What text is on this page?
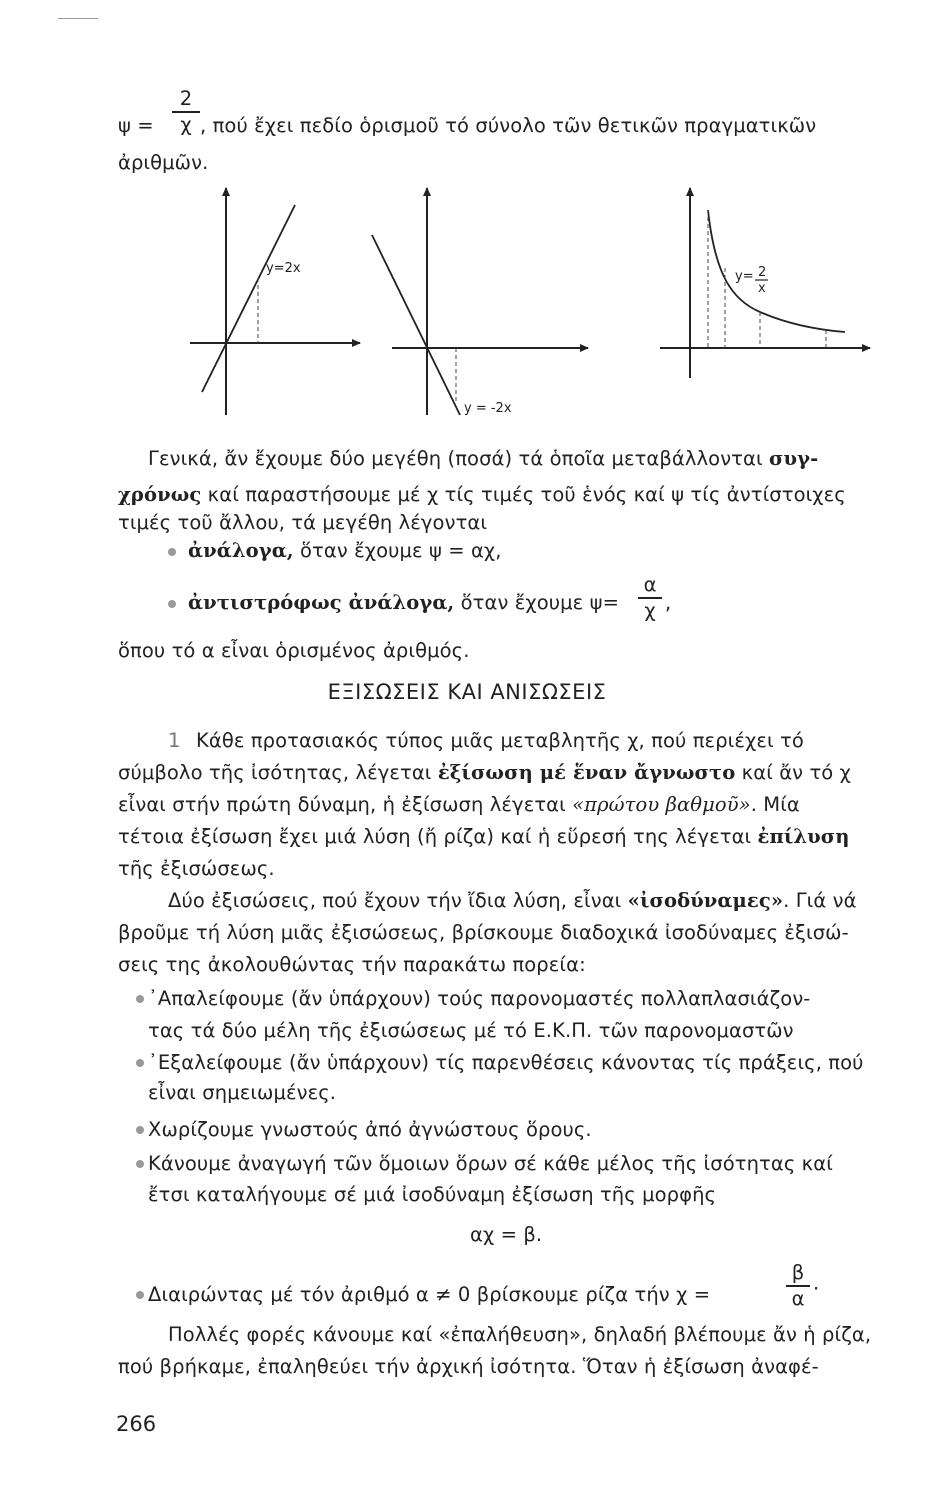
ψ =
2
χ , πού ἔχει πεδίο ὁρισμοῦ τό σύνολο τῶν θετικῶν πραγματικῶν
ἀριθμῶν.
y=2x
y = -2x
y= 2
x
Γενικά, ἄν ἔχουμε δύο μεγέθη (ποσά) τά ὁποῖα μεταβάλλονται συγ-
χρόνως καί παραστήσουμε μέ χ τίς τιμές τοῦ ἑνός καί ψ τίς ἀντίστοιχες
τιμές τοῦ ἄλλου, τά μεγέθη λέγονται
ἀνάλογα, ὅταν ἔχουμε ψ = αχ,
ἀντιστρόφως ἀνάλογα, ὅταν ἔχουμε ψ=
α
χ ,
ὅπου τό α εἶναι ὁρισμένος ἀριθμός.
ΕΞΙΣΩΣΕΙΣ ΚΑΙ ΑΝΙΣΩΣΕΙΣ
1 Κάθε προτασιακός τύπος μιᾶς μεταβλητῆς χ, πού περιέχει τό
σύμβολο τῆς ἰσότητας, λέγεται ἐξίσωση μέ ἕναν ἄγνωστο καί ἄν τό χ
εἶναι στήν πρώτη δύναμη, ἡ ἐξίσωση λέγεται «πρώτου βαθμοῦ». Μία
τέτοια ἐξίσωση ἔχει μιά λύση (ἤ ρίζα) καί ἡ εὕρεσή της λέγεται ἐπίλυση
τῆς ἐξισώσεως.
Δύο ἐξισώσεις, πού ἔχουν τήν ἴδια λύση, εἶναι «ἰσοδύναμες». Γιά νά
βροῦμε τή λύση μιᾶς ἐξισώσεως, βρίσκουμε διαδοχικά ἰσοδύναμες ἐξισώ-
σεις της ἀκολουθώντας τήν παρακάτω πορεία:
᾿Απαλείφουμε (ἄν ὑπάρχουν) τούς παρονομαστές πολλαπλασιάζον-
τας τά δύο μέλη τῆς ἐξισώσεως μέ τό Ε.Κ.Π. τῶν παρονομαστῶν
᾿Εξαλείφουμε (ἄν ὑπάρχουν) τίς παρενθέσεις κάνοντας τίς πράξεις, πού
εἶναι σημειωμένες.
Χωρίζουμε γνωστούς ἀπό ἀγνώστους ὅρους.
Κάνουμε ἀναγωγή τῶν ὅμοιων ὅρων σέ κάθε μέλος τῆς ἰσότητας καί
ἔτσι καταλήγουμε σέ μιά ἰσοδύναμη ἐξίσωση τῆς μορφῆς
αχ = β.
Διαιρώντας μέ τόν ἀριθμό α ≠ 0 βρίσκουμε ρίζα τήν χ =
β
α ·
Πολλές φορές κάνουμε καί «ἐπαλήθευση», δηλαδή βλέπουμε ἄν ἡ ρίζα,
πού βρήκαμε, ἐπαληθεύει τήν ἀρχική ἰσότητα. Ὅταν ἡ ἐξίσωση ἀναφέ-
266
